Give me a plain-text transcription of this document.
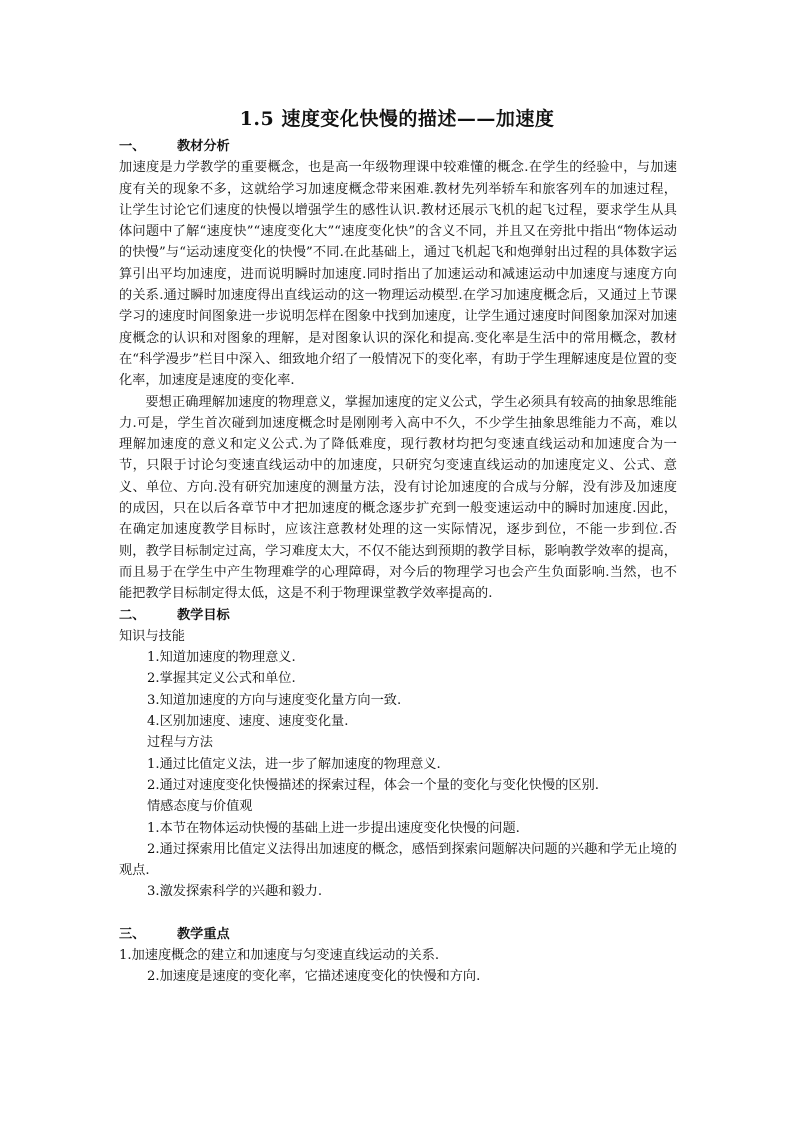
1.5 速度变化快慢的描述——加速度
一、 教材分析

加速度是力学教学的重要概念，也是高一年级物理课中较难懂的概念.在学生的经验中，与加速度有关的现象不多，这就给学习加速度概念带来困难.教材先列举轿车和旅客列车的加速过程，让学生讨论它们速度的快慢以增强学生的感性认识.教材还展示飞机的起飞过程，要求学生从具体问题中了解“速度快”“速度变化大”“速度变化快”的含义不同，并且又在旁批中指出“物体运动的快慢”与“运动速度变化的快慢”不同.在此基础上，通过飞机起飞和炮弹射出过程的具体数字运算引出平均加速度，进而说明瞬时加速度.同时指出了加速运动和减速运动中加速度与速度方向的关系.通过瞬时加速度得出直线运动的这一物理运动模型.在学习加速度概念后，又通过上节课学习的速度时间图象进一步说明怎样在图象中找到加速度，让学生通过速度时间图象加深对加速度概念的认识和对图象的理解，是对图象认识的深化和提高.变化率是生活中的常用概念，教材在“科学漫步”栏目中深入、细致地介绍了一般情况下的变化率，有助于学生理解速度是位置的变化率，加速度是速度的变化率.

要想正确理解加速度的物理意义，掌握加速度的定义公式，学生必须具有较高的抽象思维能力.可是，学生首次碰到加速度概念时是刚刚考入高中不久，不少学生抽象思维能力不高，难以理解加速度的意义和定义公式.为了降低难度，现行教材均把匀变速直线运动和加速度合为一节，只限于讨论匀变速直线运动中的加速度，只研究匀变速直线运动的加速度定义、公式、意义、单位、方向.没有研究加速度的测量方法，没有讨论加速度的合成与分解，没有涉及加速度的成因，只在以后各章节中才把加速度的概念逐步扩充到一般变速运动中的瞬时加速度.因此，在确定加速度教学目标时，应该注意教材处理的这一实际情况，逐步到位，不能一步到位.否则，教学目标制定过高，学习难度太大，不仅不能达到预期的教学目标，影响教学效率的提高，而且易于在学生中产生物理难学的心理障碍，对今后的物理学习也会产生负面影响.当然，也不能把教学目标制定得太低，这是不利于物理课堂教学效率提高的.

二、 教学目标
知识与技能
1.知道加速度的物理意义.
2.掌握其定义公式和单位.
3.知道加速度的方向与速度变化量方向一致.
4.区别加速度、速度、速度变化量.
过程与方法
1.通过比值定义法，进一步了解加速度的物理意义.
2.通过对速度变化快慢描述的探索过程，体会一个量的变化与变化快慢的区别.
情感态度与价值观
1.本节在物体运动快慢的基础上进一步提出速度变化快慢的问题.
2.通过探索用比值定义法得出加速度的概念，感悟到探索问题解决问题的兴趣和学无止境的观点.
3.激发探索科学的兴趣和毅力.
三、 教学重点
1.加速度概念的建立和加速度与匀变速直线运动的关系.
2.加速度是速度的变化率，它描述速度变化的快慢和方向.
